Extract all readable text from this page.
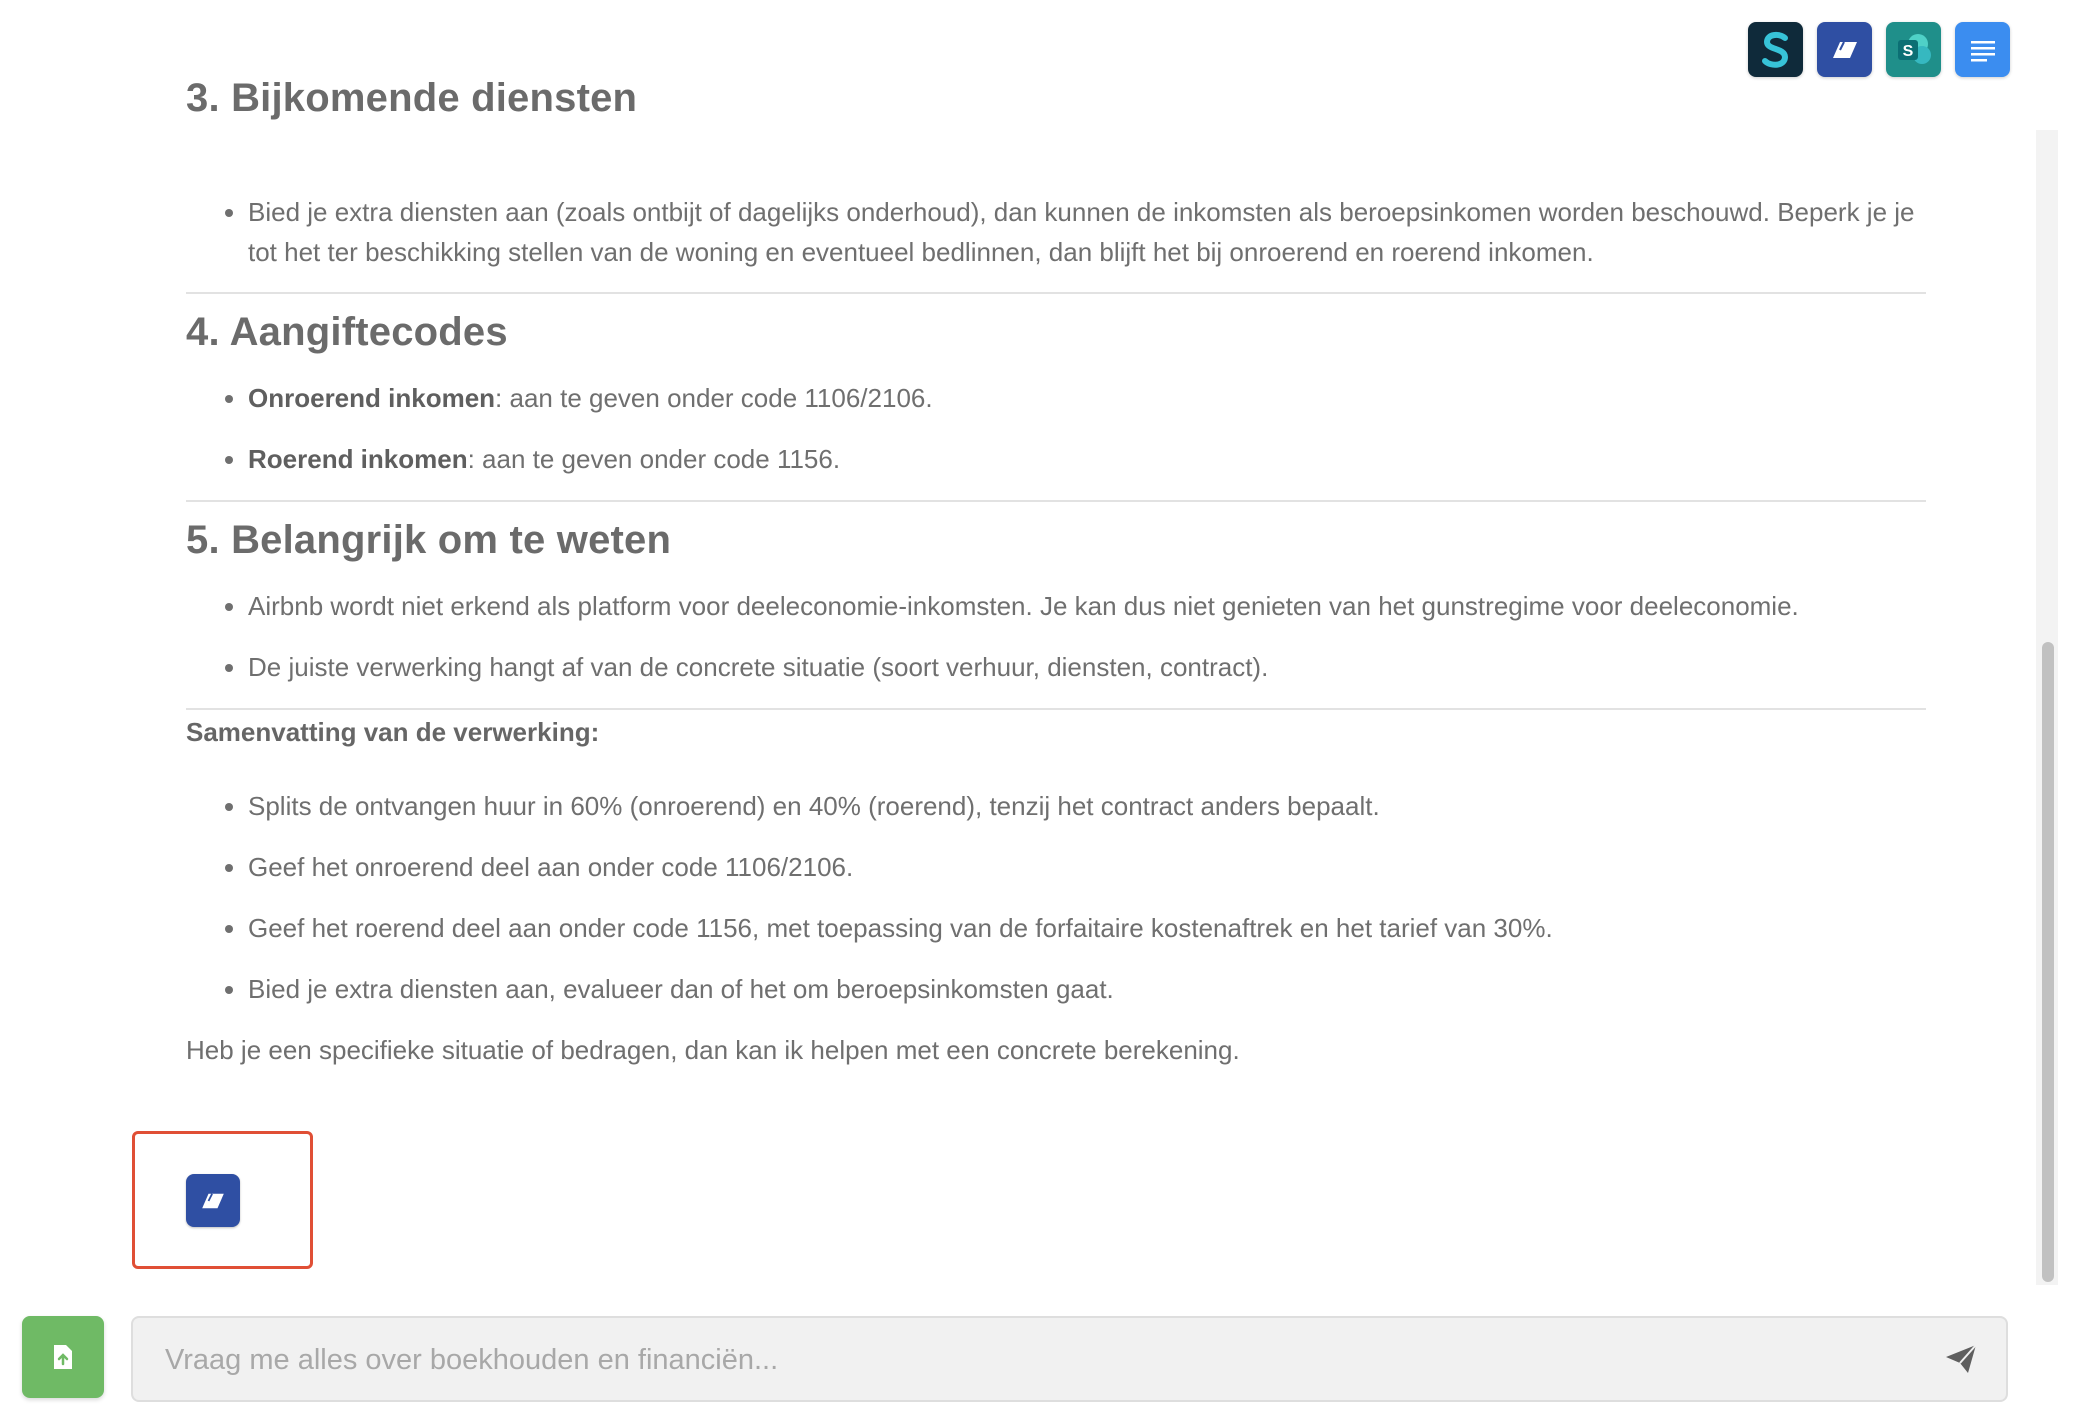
S
3. Bijkomende diensten
• Bied je extra diensten aan (zoals ontbijt of dagelijks onderhoud), dan kunnen de inkomsten als beroepsinkomen worden beschouwd. Beperk je je tot het ter beschikking stellen van de woning en eventueel bedlinnen, dan blijft het bij onroerend en roerend inkomen.
4. Aangiftecodes
• Onroerend inkomen: aan te geven onder code 1106/2106.
• Roerend inkomen: aan te geven onder code 1156.
5. Belangrijk om te weten
• Airbnb wordt niet erkend als platform voor deeleconomie-inkomsten. Je kan dus niet genieten van het gunstregime voor deeleconomie.
• De juiste verwerking hangt af van de concrete situatie (soort verhuur, diensten, contract).
Samenvatting van de verwerking:
• Splits de ontvangen huur in 60% (onroerend) en 40% (roerend), tenzij het contract anders bepaalt.
• Geef het onroerend deel aan onder code 1106/2106.
• Geef het roerend deel aan onder code 1156, met toepassing van de forfaitaire kostenaftrek en het tarief van 30%.
• Bied je extra diensten aan, evalueer dan of het om beroepsinkomsten gaat.
Heb je een specifieke situatie of bedragen, dan kan ik helpen met een concrete berekening.
Vraag me alles over boekhouden en financiën...
